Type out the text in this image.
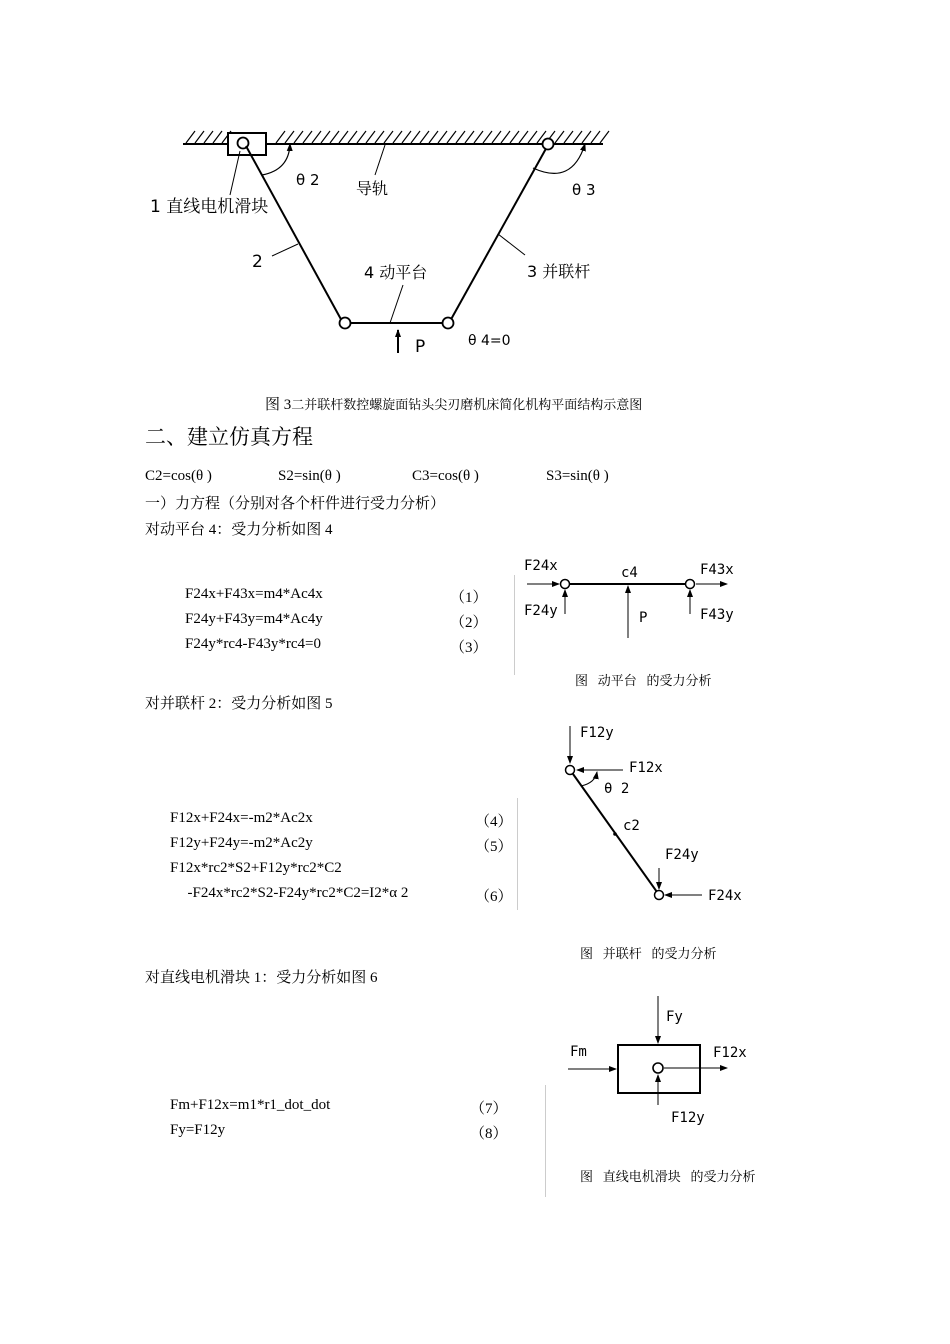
1 直线电机滑块
θ 2 导轨	θ 3
2
4 动平台	3 并联杆
P	θ 4=0
图 3二并联杆数控螺旋面钻头尖刃磨机床简化机构平面结构示意图
二、建立仿真方程
C2=cos(θ )	S2=sin(θ )	C3=cos(θ )	S3=sin(θ )
一）力方程（分别对各个杆件进行受力分析）
对动平台 4：受力分析如图 4
F24x+F43x=m4*Ac4x	（1）
F24y+F43y=m4*Ac4y	（2）
F24y*rc4-F43y*rc4=0	（3）
F24x	c4	F43x
F24y	P	F43y
图   动平台   的受力分析
对并联杆 2：受力分析如图 5
F12y
F12x
θ 2
c2
F24y
F24x
F12x+F24x=-m2*Ac2x	（4）
F12y+F24y=-m2*Ac2y	（5）
F12x*rc2*S2+F12y*rc2*C2
-F24x*rc2*S2-F24y*rc2*C2=I2*α 2	（6）
图   并联杆   的受力分析
对直线电机滑块 1：受力分析如图 6
Fy
Fm	F12x
F12y
Fm+F12x=m1*r1_dot_dot	（7）
Fy=F12y	（8）
图   直线电机滑块   的受力分析
